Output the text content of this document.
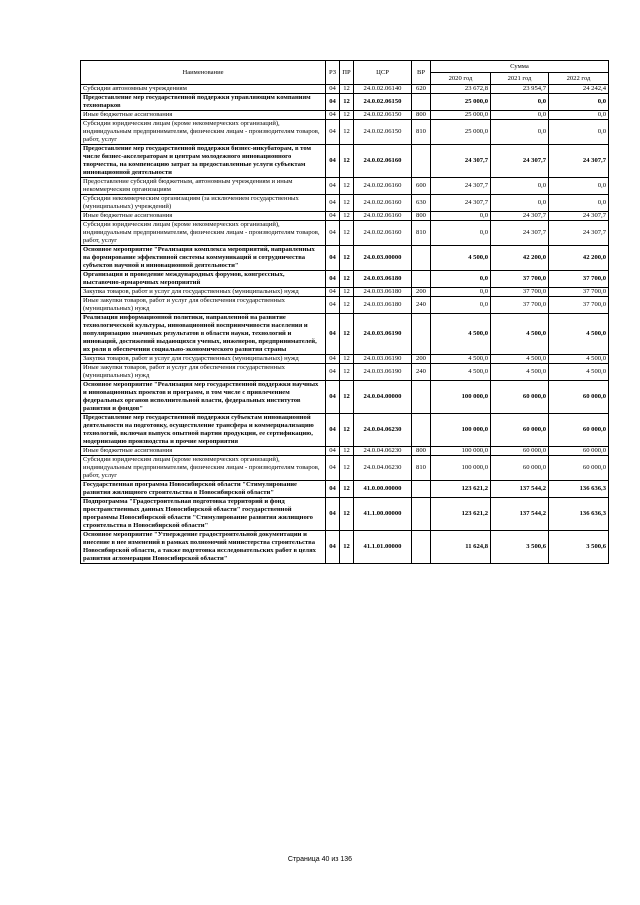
Наименование	РЗ	ПР	ЦСР	ВР	Сумма		
					2020 год	2021 год	2022 год
Субсидии автономным учреждениям	04	12	24.0.02.06140	620	23 672,8	23 954,7	24 242,4
Предоставление мер государственной поддержки управляющим компаниям технопарков	04	12	24.0.02.06150		25 000,0	0,0	0,0
Иные бюджетные ассигнования	04	12	24.0.02.06150	800	25 000,0	0,0	0,0
Субсидии юридическим лицам (кроме некоммерческих организаций), индивидуальным предпринимателям, физическим лицам - производителям товаров, работ, услуг	04	12	24.0.02.06150	810	25 000,0	0,0	0,0
Предоставление мер государственной поддержки бизнес-инкубаторам, в том числе бизнес-акселераторам и центрам молодежного инновационного творчества, на компенсацию затрат за предоставленные услуги субъектам инновационной деятельности	04	12	24.0.02.06160		24 307,7	24 307,7	24 307,7
Предоставление субсидий бюджетным, автономным учреждениям и иным некоммерческим организациям	04	12	24.0.02.06160	600	24 307,7	0,0	0,0
Субсидии некоммерческим организациям (за исключением государственных (муниципальных) учреждений)	04	12	24.0.02.06160	630	24 307,7	0,0	0,0
Иные бюджетные ассигнования	04	12	24.0.02.06160	800	0,0	24 307,7	24 307,7
Субсидии юридическим лицам (кроме некоммерческих организаций), индивидуальным предпринимателям, физическим лицам - производителям товаров, работ, услуг	04	12	24.0.02.06160	810	0,0	24 307,7	24 307,7
Основное мероприятие "Реализация комплекса мероприятий, направленных на формирование эффективной системы коммуникаций и сотрудничества субъектов научной и инновационной деятельности"	04	12	24.0.03.00000		4 500,0	42 200,0	42 200,0
Организация и проведение международных форумов, конгрессных, выставочно-ярмарочных мероприятий	04	12	24.0.03.06180		0,0	37 700,0	37 700,0
Закупка товаров, работ и услуг для государственных (муниципальных) нужд	04	12	24.0.03.06180	200	0,0	37 700,0	37 700,0
Иные закупки товаров, работ и услуг для обеспечения государственных (муниципальных) нужд	04	12	24.0.03.06180	240	0,0	37 700,0	37 700,0
Реализация информационной политики, направленной на развитие технологической культуры, инновационной восприимчивости населения и популяризацию значимых результатов в области науки, технологий и инноваций, достижений выдающихся ученых, инженеров, предпринимателей, их роли в обеспечении социально-экономического развития страны	04	12	24.0.03.06190		4 500,0	4 500,0	4 500,0
Закупка товаров, работ и услуг для государственных (муниципальных) нужд	04	12	24.0.03.06190	200	4 500,0	4 500,0	4 500,0
Иные закупки товаров, работ и услуг для обеспечения государственных (муниципальных) нужд	04	12	24.0.03.06190	240	4 500,0	4 500,0	4 500,0
Основное мероприятие "Реализация мер государственной поддержки научных и инновационных проектов и программ, в том числе с привлечением федеральных органов исполнительной власти, федеральных институтов развития и фондов"	04	12	24.0.04.00000		100 000,0	60 000,0	60 000,0
Предоставление мер государственной поддержки субъектам инновационной деятельности на подготовку, осуществление трансфера и коммерциализацию технологий, включая выпуск опытной партии продукции, ее сертификацию, модернизацию производства и прочие мероприятия	04	12	24.0.04.06230		100 000,0	60 000,0	60 000,0
Иные бюджетные ассигнования	04	12	24.0.04.06230	800	100 000,0	60 000,0	60 000,0
Субсидии юридическим лицам (кроме некоммерческих организаций), индивидуальным предпринимателям, физическим лицам - производителям товаров, работ, услуг	04	12	24.0.04.06230	810	100 000,0	60 000,0	60 000,0
Государственная программа Новосибирской области "Стимулирование развития жилищного строительства в Новосибирской области"	04	12	41.0.00.00000		123 621,2	137 544,2	136 636,3
Подпрограмма "Градостроительная подготовка территорий и фонд пространственных данных Новосибирской области" государственной программы Новосибирской области "Стимулирование развития жилищного строительства в Новосибирской области"	04	12	41.1.00.00000		123 621,2	137 544,2	136 636,3
Основное мероприятие "Утверждение градостроительной документации и внесение в нее изменений в рамках полномочий министерства строительства Новосибирской области, а также подготовка исследовательских работ в целях развития агломерации Новосибирской области"	04	12	41.1.01.00000		11 624,8	3 500,6	3 500,6
Страница 40 из 136
